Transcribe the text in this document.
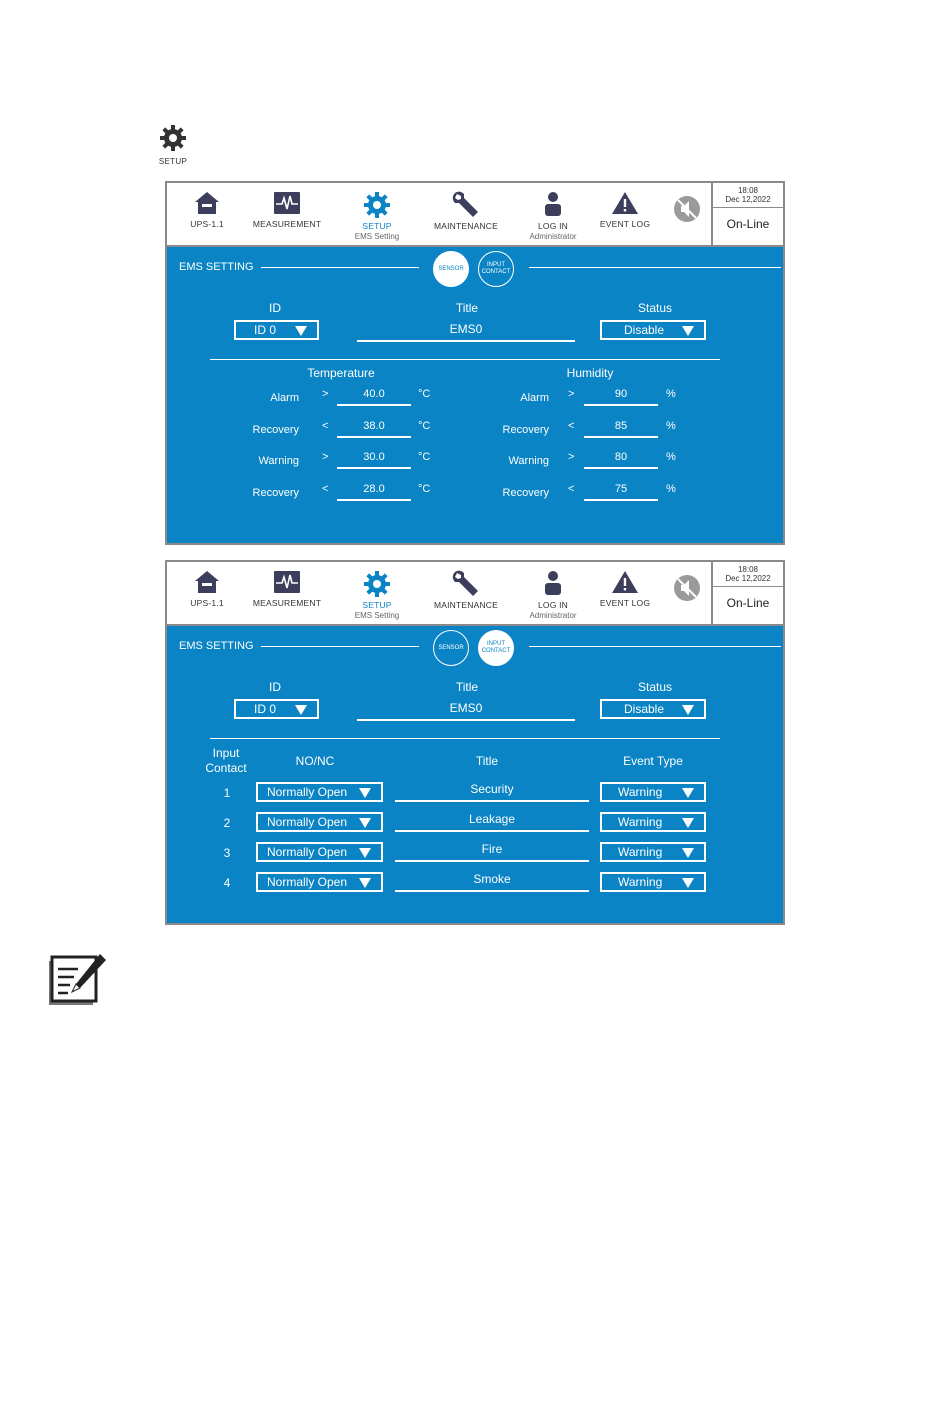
SETUP
UPS-1.1	MEASUREMENT	SETUP
EMS Setting
MAINTENANCE	LOG IN
Administrator
EVENT LOG
18:08
Dec 12,2022
On-Line
EMS SETTING	SENSOR
INPUT
CONTACT
ID
ID 0
Title
EMS0
Status
Disable
Temperature	Humidity
Alarm >	40.0	°C
Recovery <	38.0	°C
Warning >	30.0	°C
Recovery <	28.0	°C
Alarm >	90	%
Recovery <	85	%
Warning >	80	%
Recovery <	75	%
UPS-1.1	MEASUREMENT	SETUP
EMS Setting
MAINTENANCE	LOG IN
Administrator
EVENT LOG
18:08
Dec 12,2022
On-Line
EMS SETTING	SENSOR
INPUT
CONTACT
ID
ID 0
Title
EMS0
Status
Disable
Input
Contact	NO/NC	Title	Event Type
1	Normally Open	Security	Warning
2	Normally Open	Leakage	Warning
3	Normally Open	Fire	Warning
4	Normally Open	Smoke	Warning
